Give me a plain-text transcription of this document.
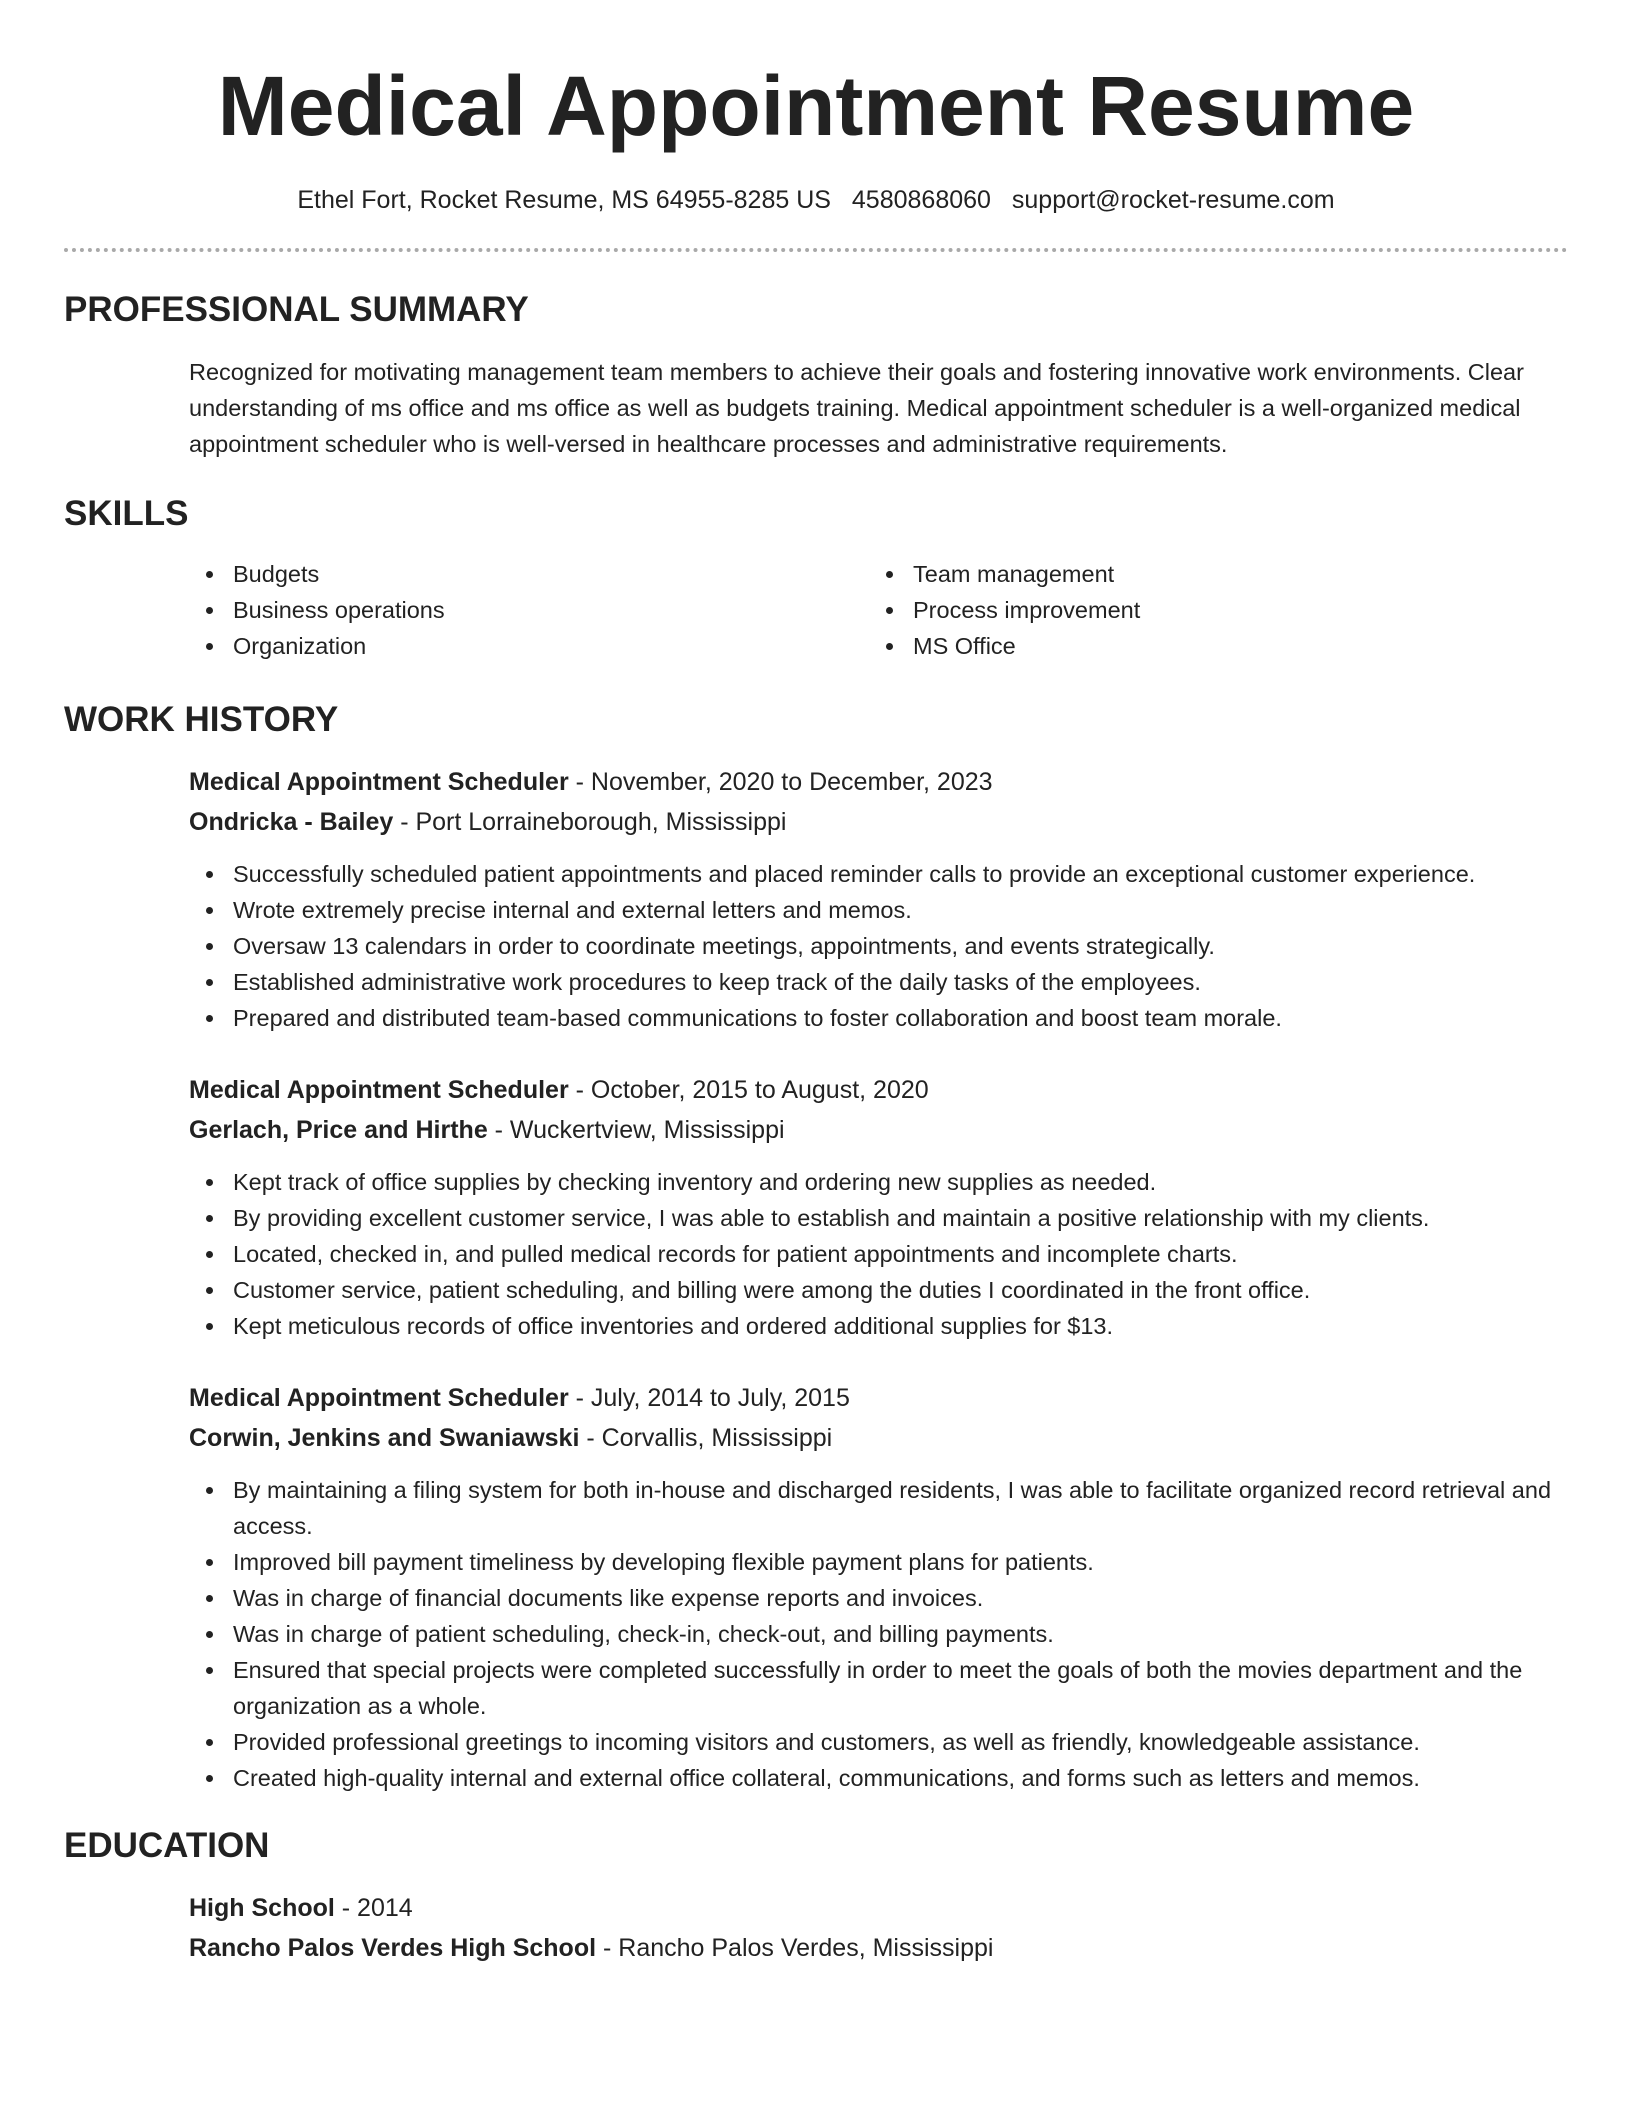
Medical Appointment Resume
Ethel Fort, Rocket Resume, MS 64955-8285 US 4580868060 support@rocket-resume.com
PROFESSIONAL SUMMARY

Recognized for motivating management team members to achieve their goals and fostering innovative work environments. Clear understanding of ms office and ms office as well as budgets training. Medical appointment scheduler is a well-organized medical appointment scheduler who is well-versed in healthcare processes and administrative requirements.

SKILLS
Budgets
Business operations
Organization
Team management
Process improvement
MS Office
WORK HISTORY
Medical Appointment Scheduler - November, 2020 to December, 2023
Ondricka - Bailey - Port Lorraineborough, Mississippi
Successfully scheduled patient appointments and placed reminder calls to provide an exceptional customer experience.
Wrote extremely precise internal and external letters and memos.
Oversaw 13 calendars in order to coordinate meetings, appointments, and events strategically.
Established administrative work procedures to keep track of the daily tasks of the employees.
Prepared and distributed team-based communications to foster collaboration and boost team morale.
Medical Appointment Scheduler - October, 2015 to August, 2020
Gerlach, Price and Hirthe - Wuckertview, Mississippi
Kept track of office supplies by checking inventory and ordering new supplies as needed.
By providing excellent customer service, I was able to establish and maintain a positive relationship with my clients.
Located, checked in, and pulled medical records for patient appointments and incomplete charts.
Customer service, patient scheduling, and billing were among the duties I coordinated in the front office.
Kept meticulous records of office inventories and ordered additional supplies for $13.
Medical Appointment Scheduler - July, 2014 to July, 2015
Corwin, Jenkins and Swaniawski - Corvallis, Mississippi
By maintaining a filing system for both in-house and discharged residents, I was able to facilitate organized record retrieval and access.
Improved bill payment timeliness by developing flexible payment plans for patients.
Was in charge of financial documents like expense reports and invoices.
Was in charge of patient scheduling, check-in, check-out, and billing payments.
Ensured that special projects were completed successfully in order to meet the goals of both the movies department and the organization as a whole.
Provided professional greetings to incoming visitors and customers, as well as friendly, knowledgeable assistance.
Created high-quality internal and external office collateral, communications, and forms such as letters and memos.
EDUCATION
High School - 2014
Rancho Palos Verdes High School - Rancho Palos Verdes, Mississippi
